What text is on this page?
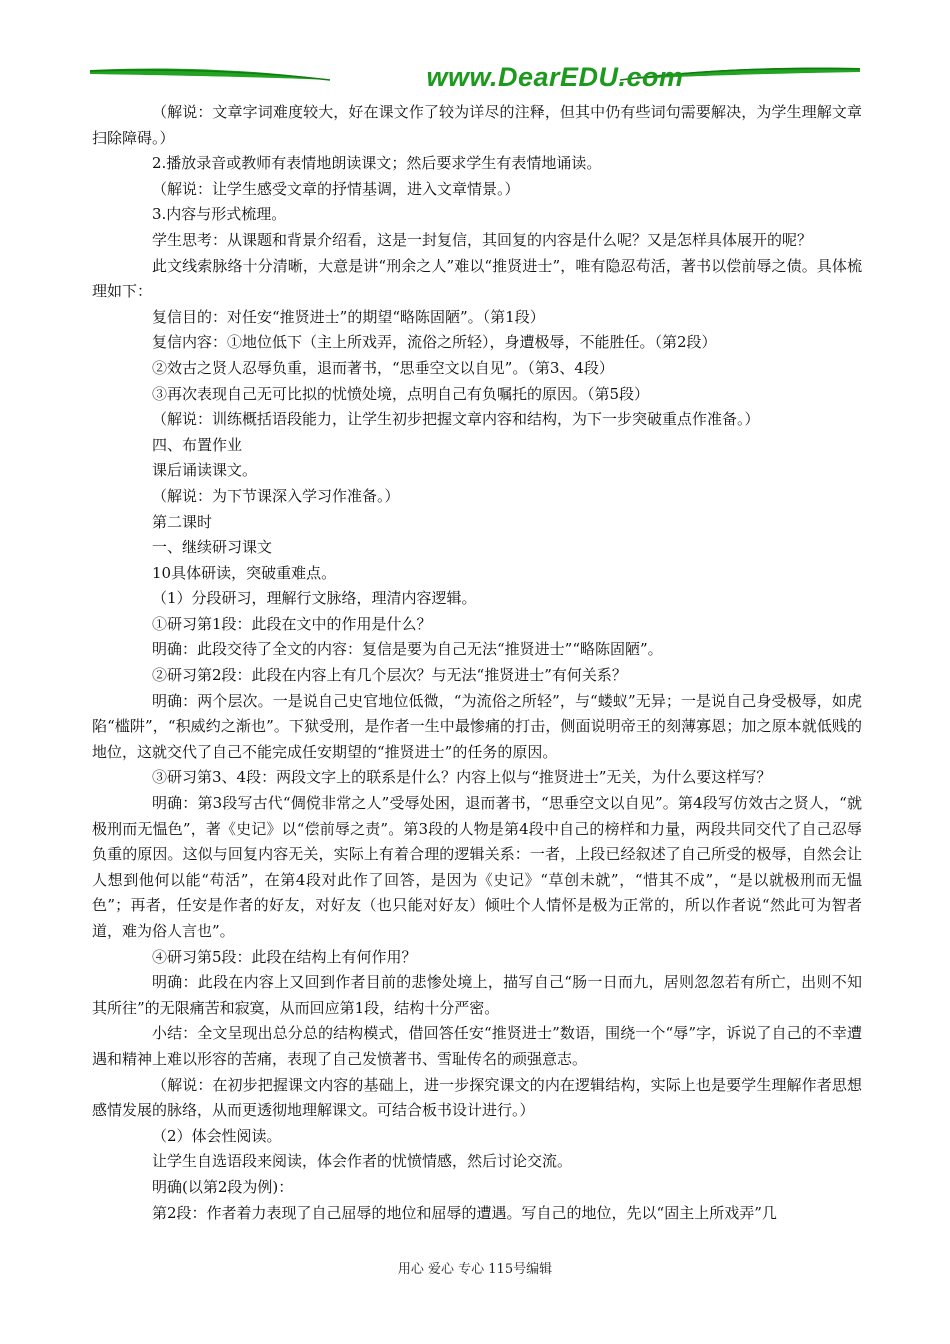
www.DearEDU.com

（解说：文章字词难度较大，好在课文作了较为详尽的注释，但其中仍有些词句需要解决，为学生理解文章扫除障碍。）

2.播放录音或教师有表情地朗读课文；然后要求学生有表情地诵读。

（解说：让学生感受文章的抒情基调，进入文章情景。）

3.内容与形式梳理。

学生思考：从课题和背景介绍看，这是一封复信，其回复的内容是什么呢？又是怎样具体展开的呢？

此文线索脉络十分清晰，大意是讲“刑余之人”难以“推贤进士”，唯有隐忍苟活，著书以偿前辱之债。具体梳理如下：

复信目的：对任安“推贤进士”的期望“略陈固陋”。（第1段）

复信内容：①地位低下（主上所戏弄，流俗之所轻），身遭极辱，不能胜任。（第2段）

②效古之贤人忍辱负重，退而著书，“思垂空文以自见”。（第3、4段）

③再次表现自己无可比拟的忧愤处境，点明自己有负嘱托的原因。（第5段）

（解说：训练概括语段能力，让学生初步把握文章内容和结构，为下一步突破重点作准备。）

四、布置作业

课后诵读课文。

（解说：为下节课深入学习作准备。）

第二课时

一、继续研习课文

10具体研读，突破重难点。

（1）分段研习，理解行文脉络，理清内容逻辑。

①研习第1段：此段在文中的作用是什么？

明确：此段交待了全文的内容：复信是要为自己无法“推贤进士”“略陈固陋”。

②研习第2段：此段在内容上有几个层次？与无法“推贤进士”有何关系？

明确：两个层次。一是说自己史官地位低微，“为流俗之所轻”，与“蝼蚁”无异；一是说自己身受极辱，如虎陷“槛阱”，“积威约之渐也”。下狱受刑，是作者一生中最惨痛的打击，侧面说明帝王的刻薄寡恩；加之原本就低贱的地位，这就交代了自己不能完成任安期望的“推贤进士”的任务的原因。

③研习第3、4段：两段文字上的联系是什么？内容上似与“推贤进士”无关，为什么要这样写？

明确：第3段写古代“倜傥非常之人”受辱处困，退而著书，“思垂空文以自见”。第4段写仿效古之贤人，“就极刑而无愠色”，著《史记》以“偿前辱之责”。第3段的人物是第4段中自己的榜样和力量，两段共同交代了自己忍辱负重的原因。这似与回复内容无关，实际上有着合理的逻辑关系：一者，上段已经叙述了自己所受的极辱，自然会让人想到他何以能“苟活”，在第4段对此作了回答，是因为《史记》“草创未就”，“惜其不成”，“是以就极刑而无愠色”；再者，任安是作者的好友，对好友（也只能对好友）倾吐个人情怀是极为正常的，所以作者说“然此可为智者道，难为俗人言也”。

④研习第5段：此段在结构上有何作用？

明确：此段在内容上又回到作者目前的悲惨处境上，描写自己“肠一日而九，居则忽忽若有所亡，出则不知其所往”的无限痛苦和寂寞，从而回应第1段，结构十分严密。

小结：全文呈现出总分总的结构模式，借回答任安“推贤进士”数语，围绕一个“辱”字，诉说了自己的不幸遭遇和精神上难以形容的苦痛，表现了自己发愤著书、雪耻传名的顽强意志。

（解说：在初步把握课文内容的基础上，进一步探究课文的内在逻辑结构，实际上也是要学生理解作者思想感情发展的脉络，从而更透彻地理解课文。可结合板书设计进行。）

（2）体会性阅读。

让学生自选语段来阅读，体会作者的忧愤情感，然后讨论交流。

明确(以第2段为例)：

第2段：作者着力表现了自己屈辱的地位和屈辱的遭遇。写自己的地位，先以“固主上所戏弄”几

用心 爱心 专心 115号编辑
